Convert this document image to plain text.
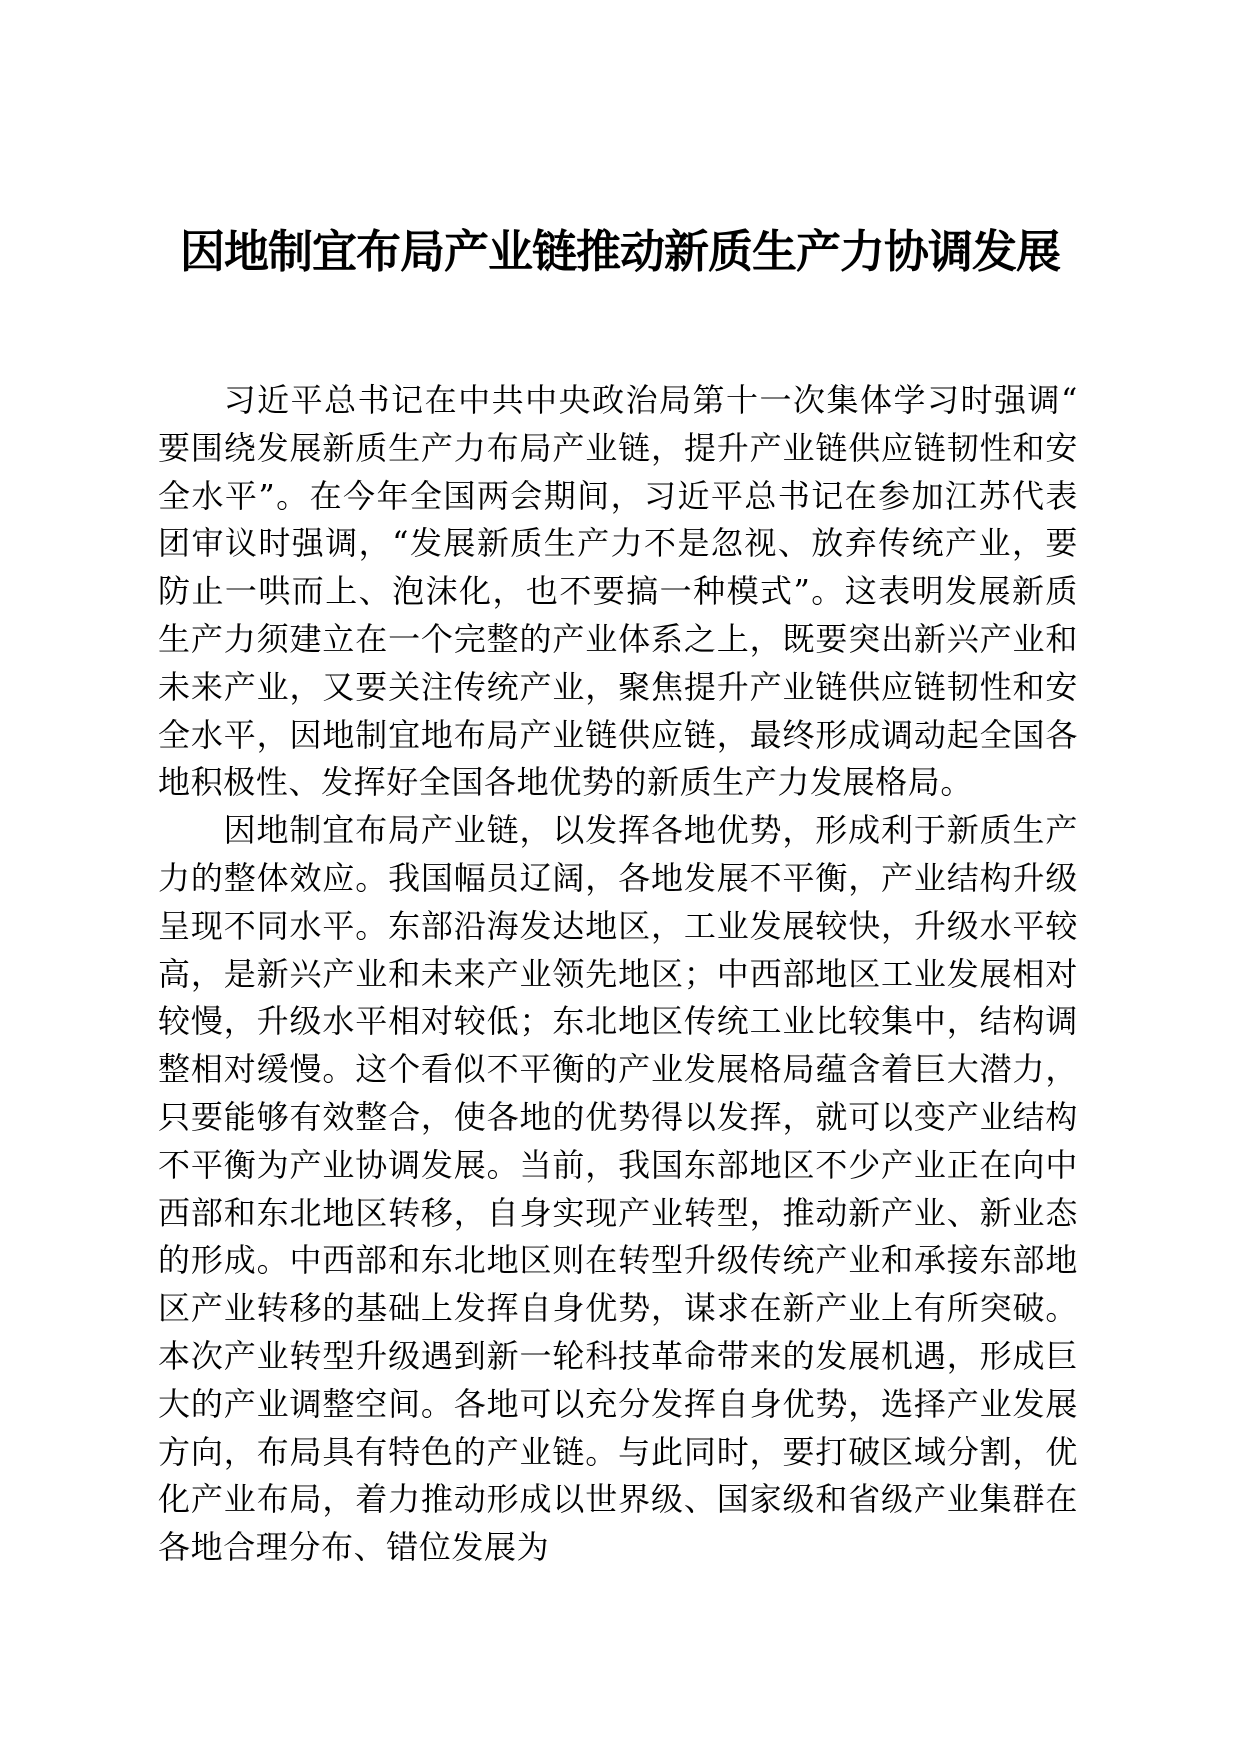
因地制宜布局产业链推动新质生产力协调发展

习近平总书记在中共中央政治局第十一次集体学习时强调“要围绕发展新质生产力布局产业链，提升产业链供应链韧性和安全水平”。在今年全国两会期间，习近平总书记在参加江苏代表团审议时强调，“发展新质生产力不是忽视、放弃传统产业，要防止一哄而上、泡沫化，也不要搞一种模式”。这表明发展新质生产力须建立在一个完整的产业体系之上，既要突出新兴产业和未来产业，又要关注传统产业，聚焦提升产业链供应链韧性和安全水平，因地制宜地布局产业链供应链，最终形成调动起全国各地积极性、发挥好全国各地优势的新质生产力发展格局。

因地制宜布局产业链，以发挥各地优势，形成利于新质生产力的整体效应。我国幅员辽阔，各地发展不平衡，产业结构升级呈现不同水平。东部沿海发达地区，工业发展较快，升级水平较高，是新兴产业和未来产业领先地区；中西部地区工业发展相对较慢，升级水平相对较低；东北地区传统工业比较集中，结构调整相对缓慢。这个看似不平衡的产业发展格局蕴含着巨大潜力，只要能够有效整合，使各地的优势得以发挥，就可以变产业结构不平衡为产业协调发展。当前，我国东部地区不少产业正在向中西部和东北地区转移，自身实现产业转型，推动新产业、新业态的形成。中西部和东北地区则在转型升级传统产业和承接东部地区产业转移的基础上发挥自身优势，谋求在新产业上有所突破。本次产业转型升级遇到新一轮科技革命带来的发展机遇，形成巨大的产业调整空间。各地可以充分发挥自身优势，选择产业发展方向，布局具有特色的产业链。与此同时，要打破区域分割，优化产业布局，着力推动形成以世界级、国家级和省级产业集群在各地合理分布、错位发展为
